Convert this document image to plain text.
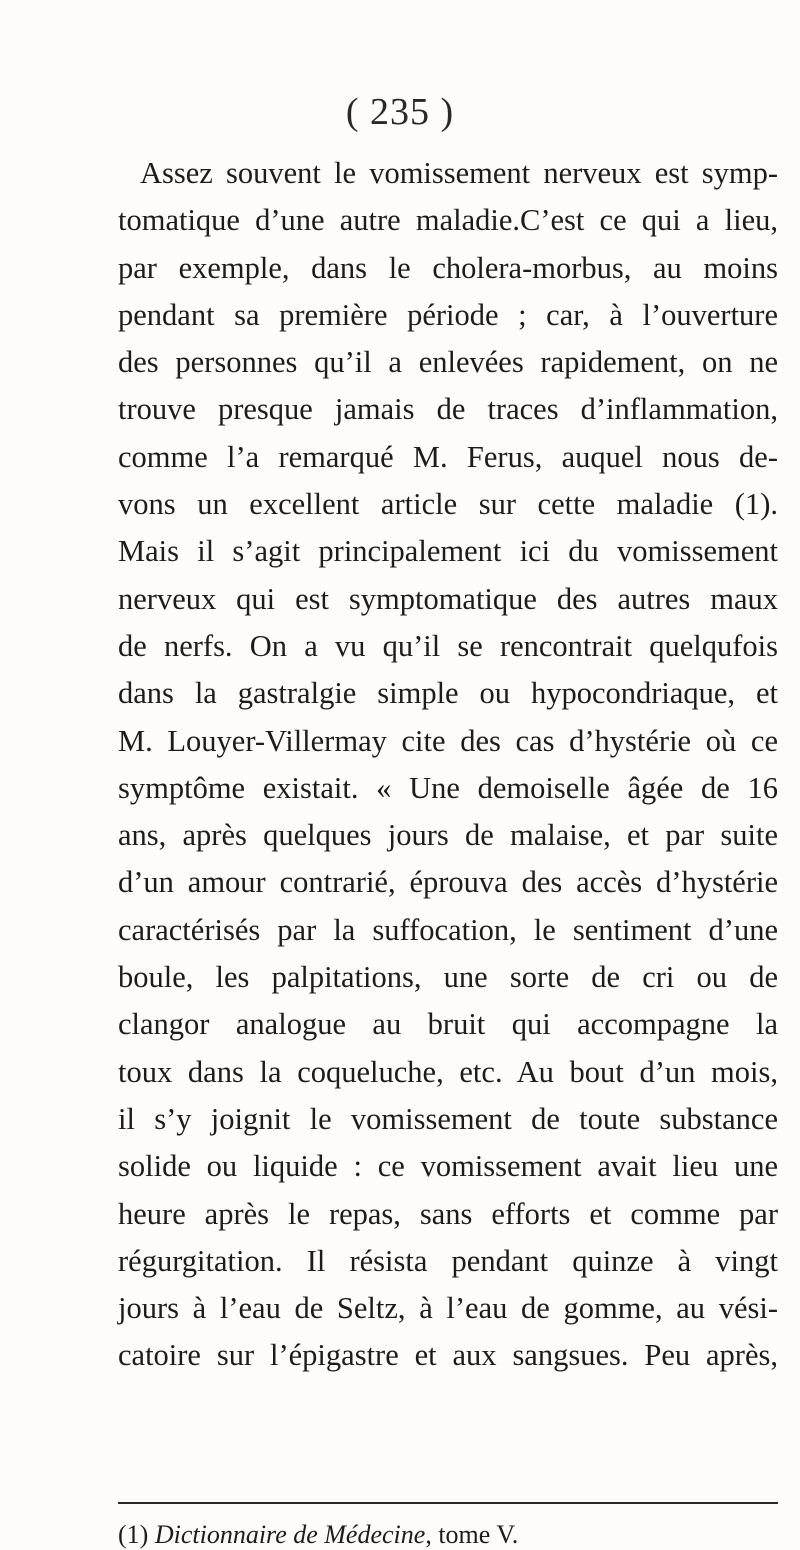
( 235 )
Assez souvent le vomissement nerveux est symp-
tomatique d’une autre maladie.C’est ce qui a lieu,
par exemple, dans le cholera-morbus, au moins
pendant sa première période ; car, à l’ouverture
des personnes qu’il a enlevées rapidement, on ne
trouve presque jamais de traces d’inflammation,
comme l’a remarqué M. Ferus, auquel nous de-
vons un excellent article sur cette maladie (1).
Mais il s’agit principalement ici du vomissement
nerveux qui est symptomatique des autres maux
de nerfs. On a vu qu’il se rencontrait quelqufois
dans la gastralgie simple ou hypocondriaque, et
M. Louyer-Villermay cite des cas d’hystérie où ce
symptôme existait. « Une demoiselle âgée de 16
ans, après quelques jours de malaise, et par suite
d’un amour contrarié, éprouva des accès d’hystérie
caractérisés par la suffocation, le sentiment d’une
boule, les palpitations, une sorte de cri ou de
clangor analogue au bruit qui accompagne la
toux dans la coqueluche, etc. Au bout d’un mois,
il s’y joignit le vomissement de toute substance
solide ou liquide : ce vomissement avait lieu une
heure après le repas, sans efforts et comme par
régurgitation. Il résista pendant quinze à vingt
jours à l’eau de Seltz, à l’eau de gomme, au vési-
catoire sur l’épigastre et aux sangsues. Peu après,
(1) Dictionnaire de Médecine, tome V.
